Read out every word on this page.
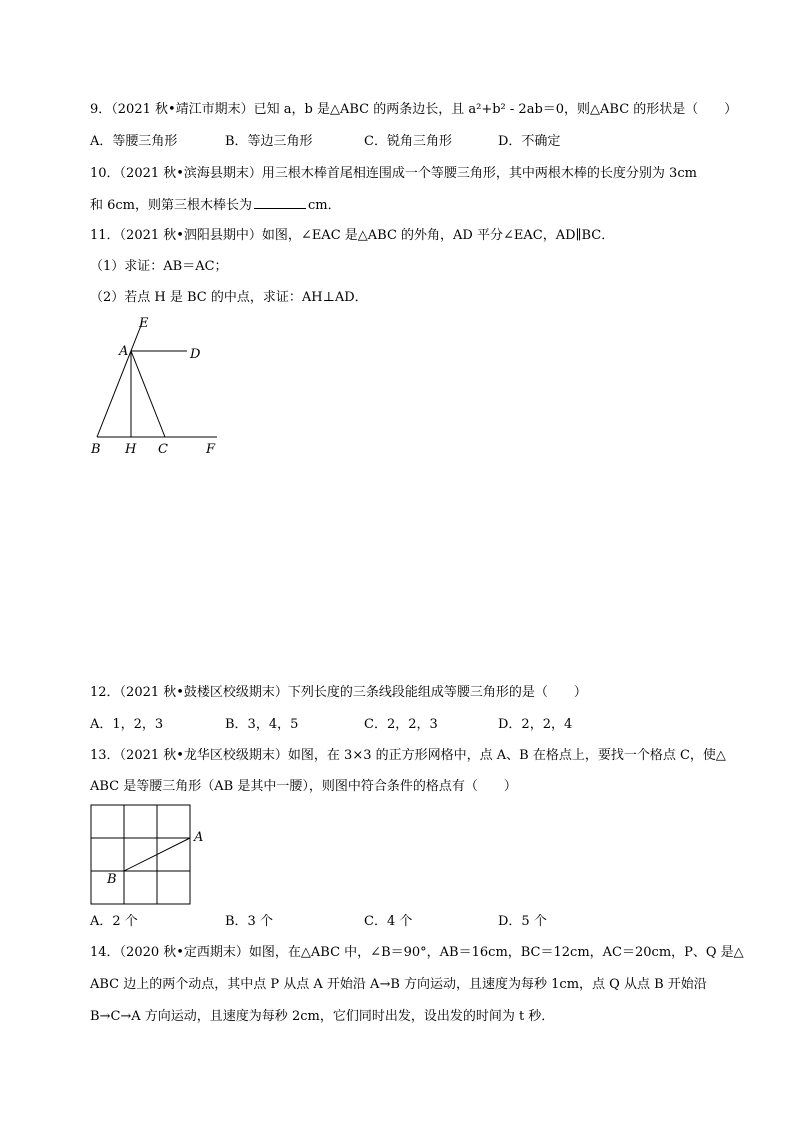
9．（2021 秋•靖江市期末）已知 a，b 是△ABC 的两条边长，且 a²+b² - 2ab＝0，则△ABC 的形状是（　　）
A．等腰三角形	B．等边三角形	C．锐角三角形	D．不确定
10．（2021 秋•滨海县期末）用三根木棒首尾相连围成一个等腰三角形，其中两根木棒的长度分别为 3cm
和 6cm，则第三根木棒长为	cm．
11．（2021 秋•泗阳县期中）如图，∠EAC 是△ABC 的外角，AD 平分∠EAC，AD∥BC．
（1）求证：AB＝AC；
（2）若点 H 是 BC 的中点，求证：AH⊥AD．
E
A	D
B H C	F
12．（2021 秋•鼓楼区校级期末）下列长度的三条线段能组成等腰三角形的是（　　）
A．1，2，3	B．3，4，5	C．2，2，3	D．2，2，4
13．（2021 秋•龙华区校级期末）如图，在 3×3 的正方形网格中，点 A、B 在格点上，要找一个格点 C，使△
ABC 是等腰三角形（AB 是其中一腰），则图中符合条件的格点有（　　）
A
B
A．2 个	B．3 个	C．4 个	D．5 个
14．（2020 秋•定西期末）如图，在△ABC 中，∠B＝90°，AB＝16cm，BC＝12cm，AC＝20cm，P、Q 是△
ABC 边上的两个动点，其中点 P 从点 A 开始沿 A→B 方向运动，且速度为每秒 1cm，点 Q 从点 B 开始沿
B→C→A 方向运动，且速度为每秒 2cm，它们同时出发，设出发的时间为 t 秒．
